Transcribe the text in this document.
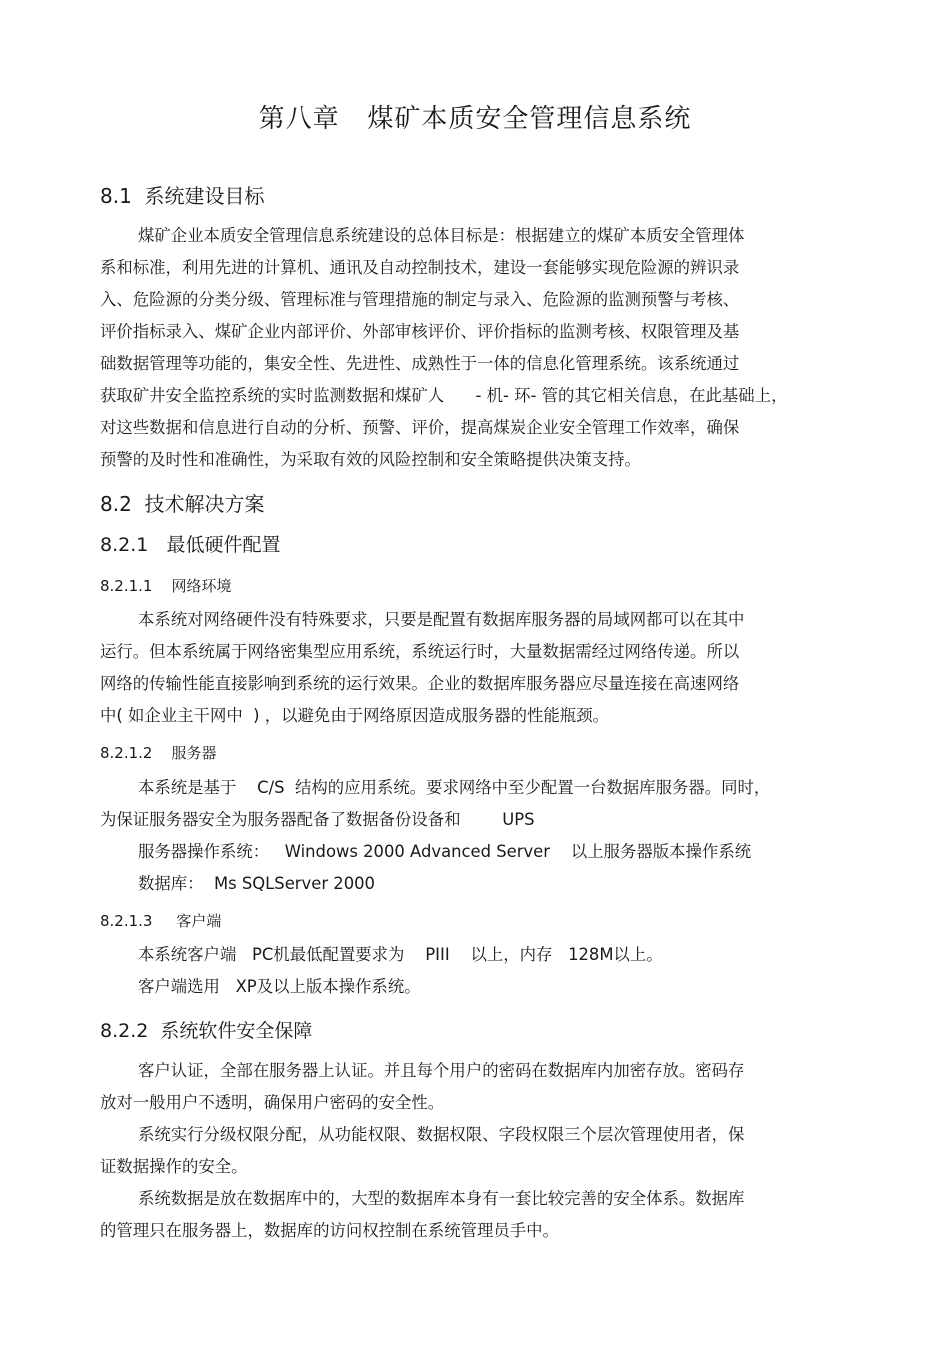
第八章   煤矿本质安全管理信息系统
8.1  系统建设目标
煤矿企业本质安全管理信息系统建设的总体目标是：根据建立的煤矿本质安全管理体
系和标准，利用先进的计算机、通讯及自动控制技术，建设一套能够实现危险源的辨识录
入、危险源的分类分级、管理标准与管理措施的制定与录入、危险源的监测预警与考核、
评价指标录入、煤矿企业内部评价、外部审核评价、评价指标的监测考核、权限管理及基
础数据管理等功能的，集安全性、先进性、成熟性于一体的信息化管理系统。该系统通过
获取矿井安全监控系统的实时监测数据和煤矿人      - 机- 环- 管的其它相关信息，在此基础上，
对这些数据和信息进行自动的分析、预警、评价，提高煤炭企业安全管理工作效率，确保
预警的及时性和准确性，为采取有效的风险控制和安全策略提供决策支持。
8.2  技术解决方案
8.2.1   最低硬件配置
8.2.1.1    网络环境
本系统对网络硬件没有特殊要求，只要是配置有数据库服务器的局域网都可以在其中
运行。但本系统属于网络密集型应用系统，系统运行时，大量数据需经过网络传递。所以
网络的传输性能直接影响到系统的运行效果。企业的数据库服务器应尽量连接在高速网络
中( 如企业主干网中  ) ，以避免由于网络原因造成服务器的性能瓶颈。
8.2.1.2    服务器
本系统是基于    C/S  结构的应用系统。要求网络中至少配置一台数据库服务器。同时，
为保证服务器安全为服务器配备了数据备份设备和        UPS
服务器操作系统：   Windows 2000 Advanced Server    以上服务器版本操作系统
数据库：  Ms SQLServer 2000
8.2.1.3     客户端
本系统客户端   PC机最低配置要求为    PIII    以上，内存   128M以上。
客户端选用   XP及以上版本操作系统。
8.2.2  系统软件安全保障
客户认证，全部在服务器上认证。并且每个用户的密码在数据库内加密存放。密码存
放对一般用户不透明，确保用户密码的安全性。
系统实行分级权限分配，从功能权限、数据权限、字段权限三个层次管理使用者，保
证数据操作的安全。
系统数据是放在数据库中的，大型的数据库本身有一套比较完善的安全体系。数据库
的管理只在服务器上，数据库的访问权控制在系统管理员手中。
